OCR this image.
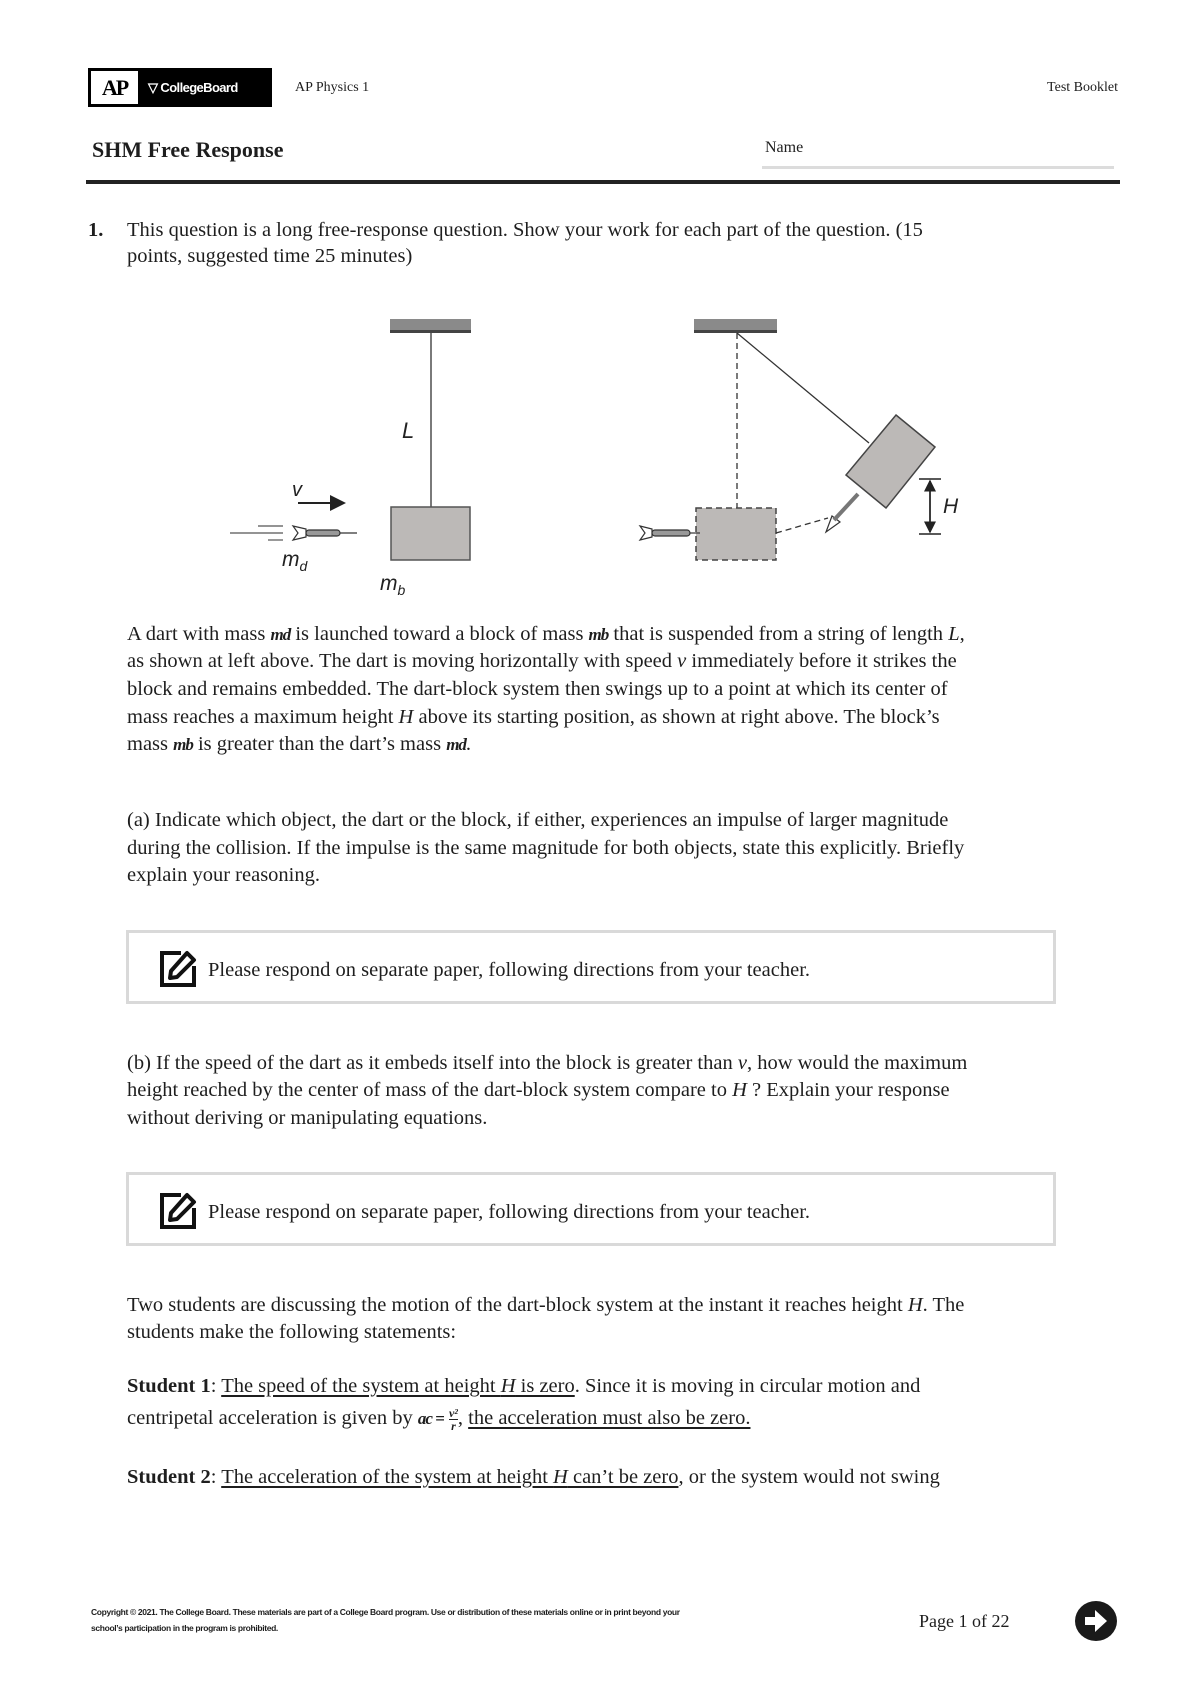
AP	▽ CollegeBoard	AP Physics 1	Test Booklet
SHM Free Response	Name
1. This question is a long free-response question. Show your work for each part of the question. (15
points, suggested time 25 minutes)
L
v
$m_d$
$m_b$
H
A dart with mass md is launched toward a block of mass mb that is suspended from a string of length L,
as shown at left above. The dart is moving horizontally with speed v immediately before it strikes the
block and remains embedded. The dart-block system then swings up to a point at which its center of
mass reaches a maximum height H above its starting position, as shown at right above. The block’s
mass mb is greater than the dart’s mass md.
(a) Indicate which object, the dart or the block, if either, experiences an impulse of larger magnitude
during the collision. If the impulse is the same magnitude for both objects, state this explicitly. Briefly
explain your reasoning.
Please respond on separate paper, following directions from your teacher.
(b) If the speed of the dart as it embeds itself into the block is greater than v, how would the maximum
height reached by the center of mass of the dart-block system compare to H ? Explain your response
without deriving or manipulating equations.
Please respond on separate paper, following directions from your teacher.
Two students are discussing the motion of the dart-block system at the instant it reaches height H. The
students make the following statements:
Student 1: The speed of the system at height H is zero. Since it is moving in circular motion and
centripetal acceleration is given by ac = $\frac{\text{v²}}{r}$ , the acceleration must also be zero.
Student 2: The acceleration of the system at height H can’t be zero, or the system would not swing
Copyright © 2021. The College Board. These materials are part of a College Board program. Use or distribution of these materials online or in print beyond your
school’s participation in the program is prohibited.	Page 1 of 22
